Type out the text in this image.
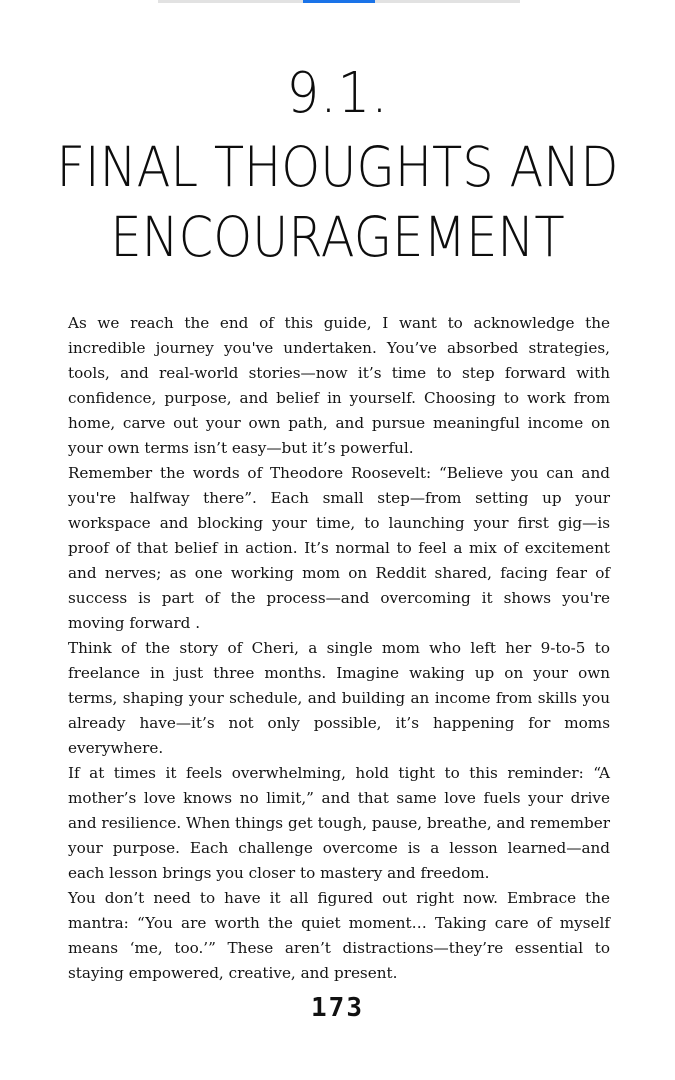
9.1.
FINAL THOUGHTS AND ENCOURAGEMENT

As we reach the end of this guide, I want to acknowledge the incredible journey you've undertaken. You’ve absorbed strategies, tools, and real-world stories—now it’s time to step forward with confidence, purpose, and belief in yourself. Choosing to work from home, carve out your own path, and pursue meaningful income on your own terms isn’t easy—but it’s powerful.

Remember the words of Theodore Roosevelt: “Believe you can and you're halfway there”. Each small step—from setting up your workspace and blocking your time, to launching your first gig—is proof of that belief in action. It’s normal to feel a mix of excitement and nerves; as one working mom on Reddit shared, facing fear of success is part of the process—and overcoming it shows you're moving forward .

Think of the story of Cheri, a single mom who left her 9-to-5 to freelance in just three months. Imagine waking up on your own terms, shaping your schedule, and building an income from skills you already have—it’s not only possible, it’s happening for moms everywhere.

If at times it feels overwhelming, hold tight to this reminder: “A mother’s love knows no limit,” and that same love fuels your drive and resilience. When things get tough, pause, breathe, and remember your purpose. Each challenge overcome is a lesson learned—and each lesson brings you closer to mastery and freedom.

You don’t need to have it all figured out right now. Embrace the mantra: “You are worth the quiet moment… Taking care of myself means ‘me, too.’” These aren’t distractions—they’re essential to staying empowered, creative, and present.

173
